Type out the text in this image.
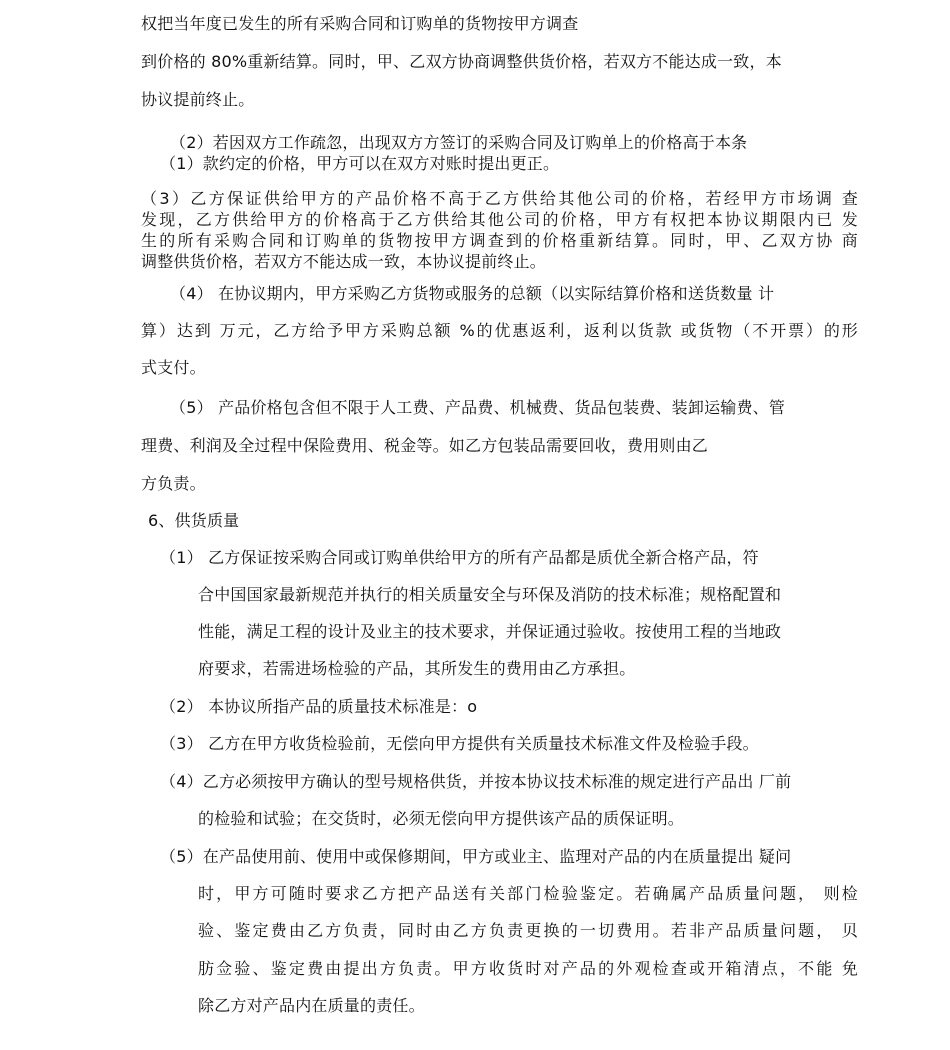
权把当年度已发生的所有采购合同和订购单的货物按甲方调查
到价格的 80%重新结算。同时，甲、乙双方协商调整供货价格，若双方不能达成一致，本
协议提前终止。
（2）若因双方工作疏忽，出现双方方签订的采购合同及订购单上的价格高于本条
（1）款约定的价格，甲方可以在双方对账时提出更正。
（3）乙方保证供给甲方的产品价格不高于乙方供给其他公司的价格，若经甲方市场调 查
发现，乙方供给甲方的价格高于乙方供给其他公司的价格，甲方有权把本协议期限内已 发
生的所有采购合同和订购单的货物按甲方调查到的价格重新结算。同时，甲、乙双方协 商
调整供货价格，若双方不能达成一致，本协议提前终止。
（4） 在协议期内，甲方采购乙方货物或服务的总额（以实际结算价格和送货数量 计
算）达到 万元，乙方给予甲方采购总额 %的优惠返利，返利以货款 或货物（不开票）的形
式支付。
（5） 产品价格包含但不限于人工费、产品费、机械费、货品包装费、装卸运输费、管
理费、利润及全过程中保险费用、税金等。如乙方包装品需要回收，费用则由乙
方负责。
6、供货质量
（1） 乙方保证按采购合同或订购单供给甲方的所有产品都是质优全新合格产品，符
合中国国家最新规范并执行的相关质量安全与环保及消防的技术标准；规格配置和
性能，满足工程的设计及业主的技术要求，并保证通过验收。按使用工程的当地政
府要求，若需进场检验的产品，其所发生的费用由乙方承担。
（2） 本协议所指产品的质量技术标准是：o
（3） 乙方在甲方收货检验前，无偿向甲方提供有关质量技术标准文件及检验手段。
（4）乙方必须按甲方确认的型号规格供货，并按本协议技术标准的规定进行产品出 厂前
的检验和试验；在交货时，必须无偿向甲方提供该产品的质保证明。
（5）在产品使用前、使用中或保修期间，甲方或业主、监理对产品的内在质量提出 疑问
时，甲方可随时要求乙方把产品送有关部门检验鉴定。若确属产品质量问题， 则检
验、鉴定费由乙方负责，同时由乙方负责更换的一切费用。若非产品质量问题， 贝
肪佥验、鉴定费由提出方负责。甲方收货时对产品的外观检查或开箱清点，不能 免
除乙方对产品内在质量的责任。
